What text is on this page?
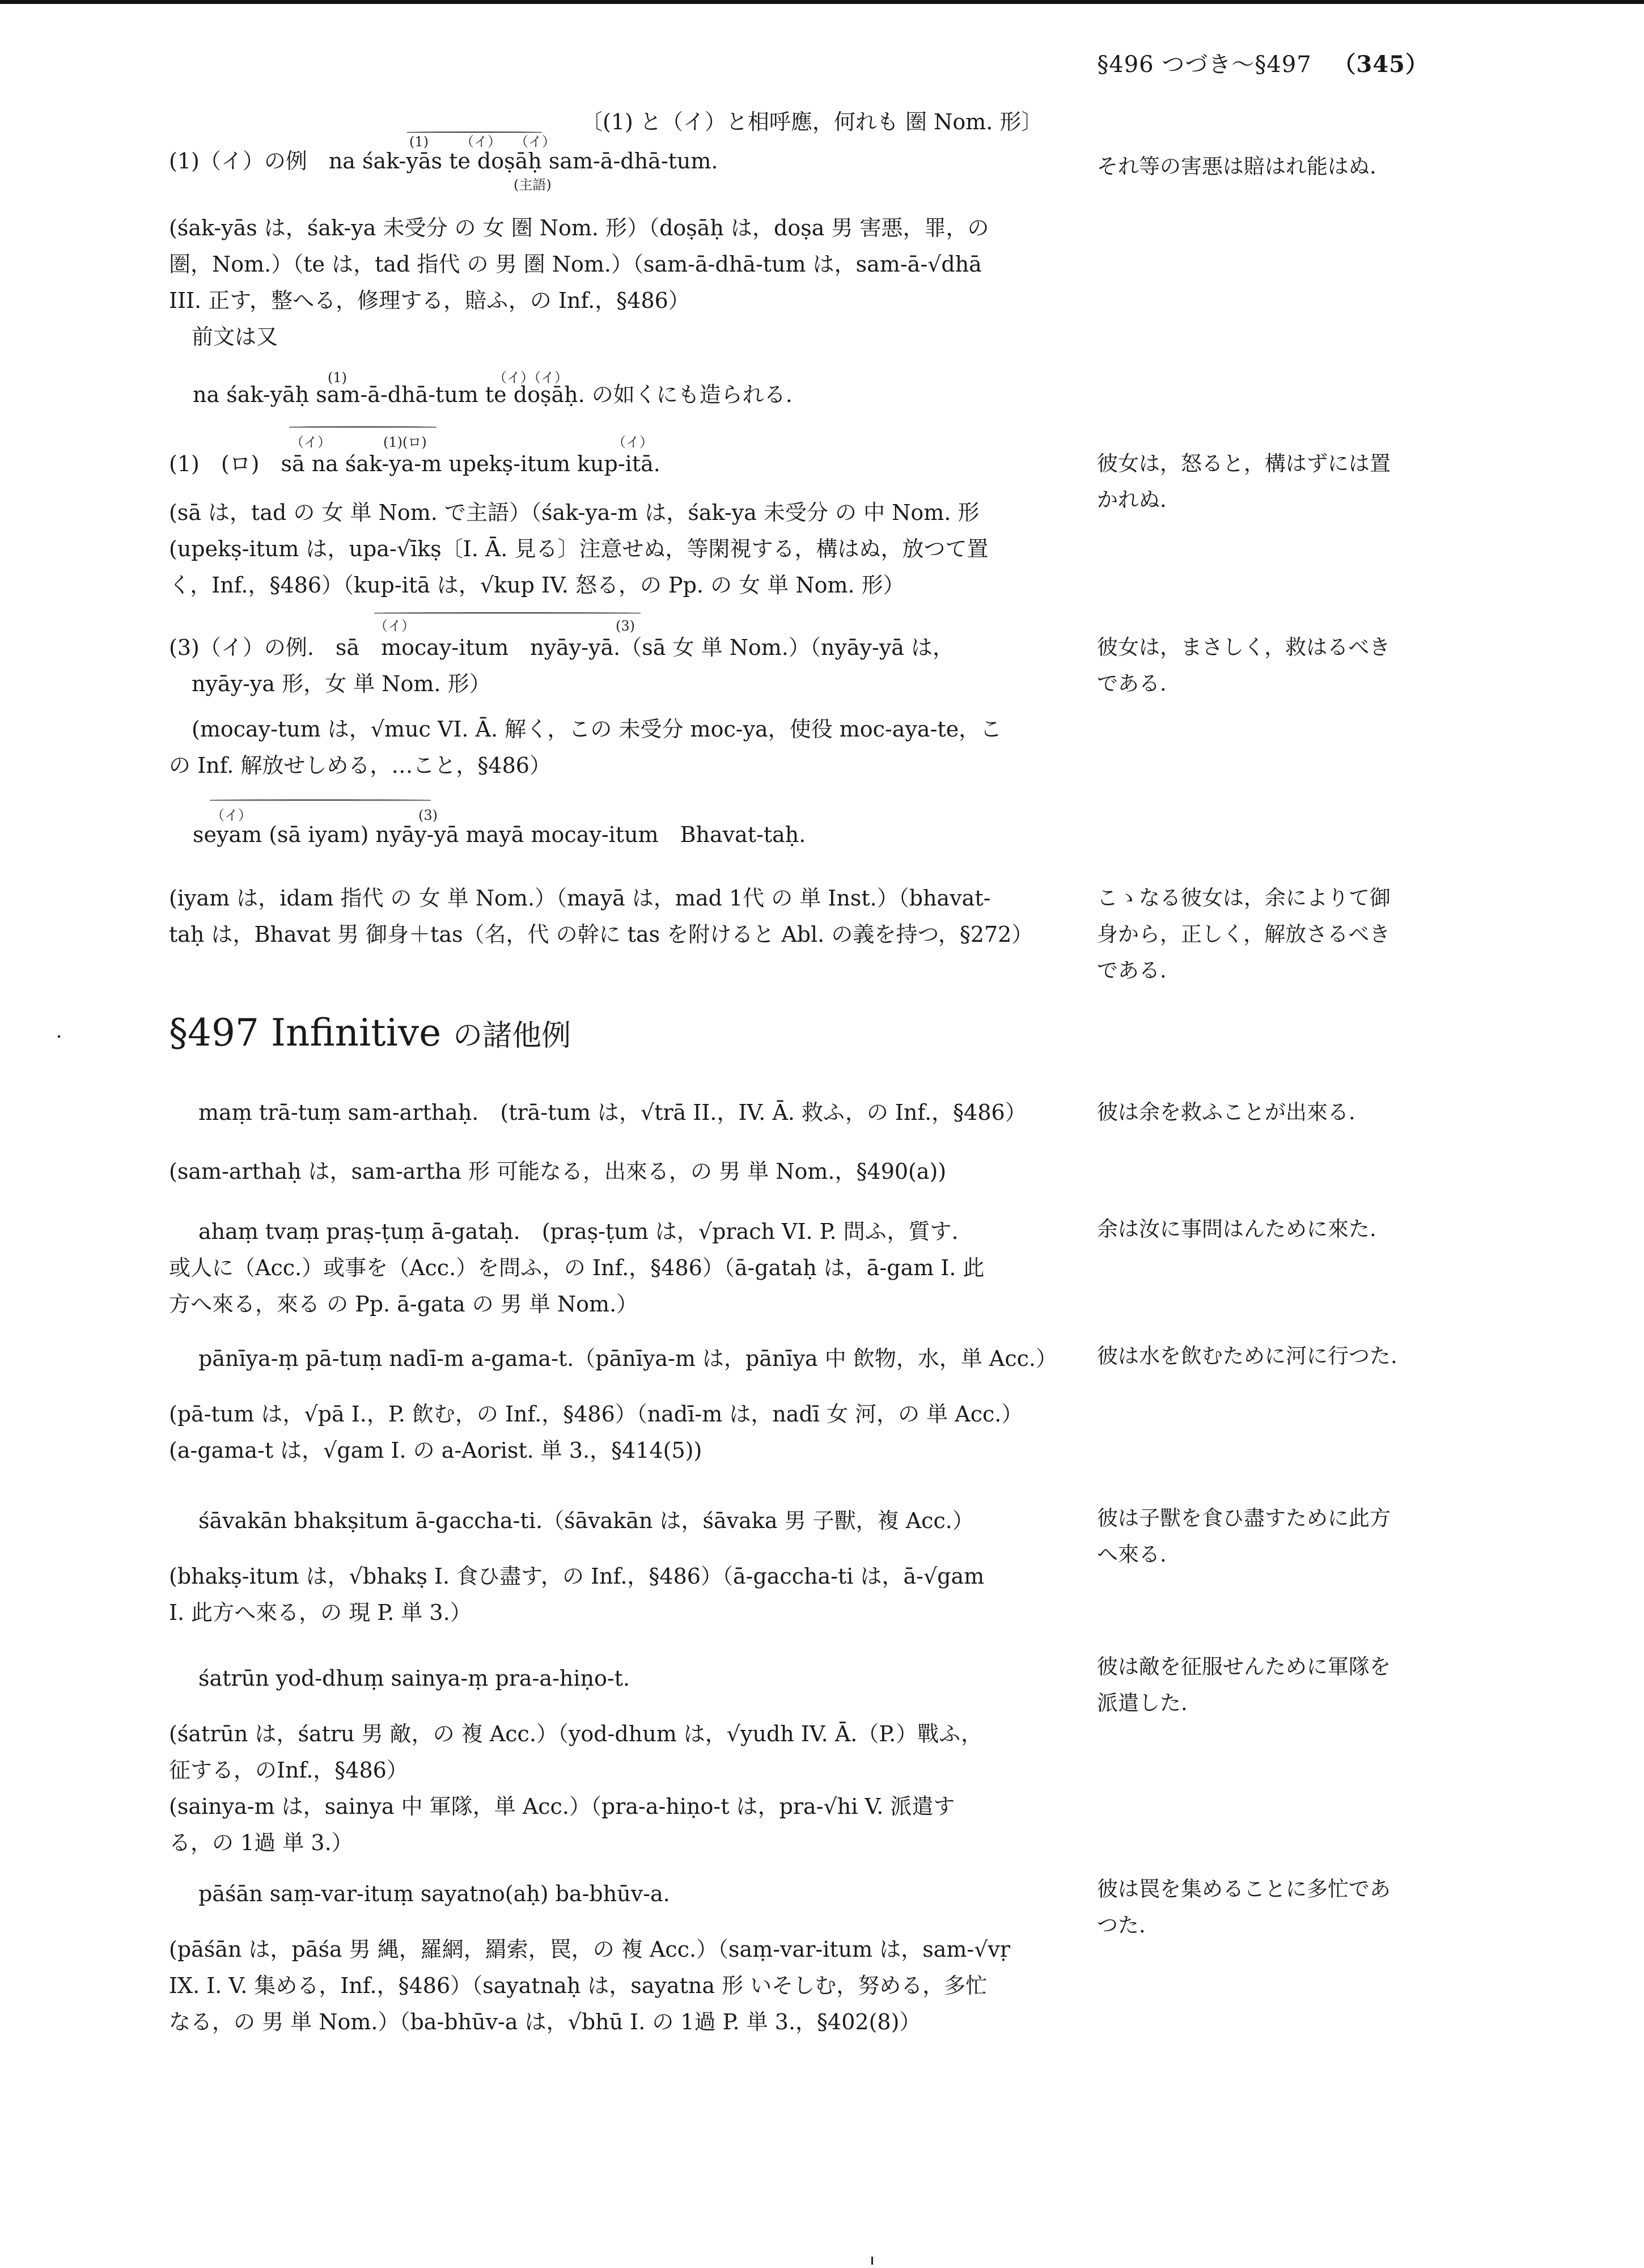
§496 つづき～§497 （345）
〔(1) と（イ）と相呼應，何れも 圏 Nom. 形〕
(1) （イ） （イ）
(主語)
(1)（イ）の例　na śak-yās te doṣāḥ sam-ā-dhā-tum.	それ等の害悪は賠はれ能はぬ.
(śak-yās は，śak-ya 未受分 の 女 圏 Nom. 形）（doṣāḥ は，doṣa 男 害悪，罪，の
圏，Nom.）（te は，tad 指代 の 男 圏 Nom.）（sam-ā-dhā-tum は，sam-ā-√dhā
III. 正す，整へる，修理する，賠ふ，の Inf.，§486）
前文は又
(1)	（イ）（イ）
na śak-yāḥ sam-ā-dhā-tum te doṣāḥ. の如くにも造られる.
（イ）	(1)(ロ)	（イ）
(1)　(ロ)　sā na śak-ya-m upekṣ-itum kup-itā.	彼女は，怒ると，構はずには置
かれぬ.
(sā は，tad の 女 単 Nom. で主語）（śak-ya-m は，śak-ya 未受分 の 中 Nom. 形
(upekṣ-itum は，upa-√īkṣ〔I. Ā. 見る〕注意せぬ，等閑視する，構はぬ，放つて置
く，Inf.，§486）（kup-itā は，√kup IV. 怒る，の Pp. の 女 単 Nom. 形）
（イ）	(3)
(3)（イ）の例.　sā　mocay-itum　nyāy-yā.（sā 女 単 Nom.）（nyāy-yā は，
nyāy-ya 形，女 単 Nom. 形）
彼女は，まさしく，救はるべき
である.
(mocay-tum は，√muc VI. Ā. 解く，この 未受分 moc-ya，使役 moc-aya-te，こ
の Inf. 解放せしめる，…こと，§486）
（イ）	(3)
seyam (sā iyam) nyāy-yā mayā mocay-itum　Bhavat-taḥ.
(iyam は，idam 指代 の 女 単 Nom.）（mayā は，mad 1代 の 単 Inst.）（bhavat-
taḥ は，Bhavat 男 御身＋tas（名，代 の幹に tas を附けると Abl. の義を持つ，§272）
こゝなる彼女は，余によりて御
身から，正しく，解放さるべき
である.
§497 Infinitive の諸他例
maṃ trā-tuṃ sam-arthaḥ.　(trā-tum は，√trā II.，IV. Ā. 救ふ，の Inf.，§486）
(sam-arthaḥ は，sam-artha 形 可能なる，出來る，の 男 単 Nom.，§490(a))
彼は余を救ふことが出來る.
ahaṃ tvaṃ praṣ-ṭuṃ ā-gataḥ.　(praṣ-ṭum は，√prach VI. P. 問ふ，質す.
或人に（Acc.）或事を（Acc.）を問ふ，の Inf.，§486）（ā-gataḥ は，ā-gam I. 此
方へ來る，來る の Pp. ā-gata の 男 単 Nom.）
余は汝に事問はんために來た.
pānīya-ṃ pā-tuṃ nadī-m a-gama-t.（pānīya-m は，pānīya 中 飲物，水，単 Acc.）
(pā-tum は，√pā I.，P. 飲む，の Inf.，§486）（nadī-m は，nadī 女 河，の 単 Acc.）
(a-gama-t は，√gam I. の a-Aorist. 単 3.，§414(5))
彼は水を飲むために河に行つた.
śāvakān bhakṣitum ā-gaccha-ti.（śāvakān は，śāvaka 男 子獸，複 Acc.）
(bhakṣ-itum は，√bhakṣ I. 食ひ盡す，の Inf.，§486）（ā-gaccha-ti は，ā-√gam
I. 此方へ來る，の 現 P. 単 3.）
彼は子獸を食ひ盡すために此方
へ來る.
śatrūn yod-dhuṃ sainya-ṃ pra-a-hiṇo-t.
(śatrūn は，śatru 男 敵，の 複 Acc.）（yod-dhum は，√yudh IV. Ā.（P.）戰ふ，
征する，のInf.，§486）
(sainya-m は，sainya 中 軍隊，単 Acc.）（pra-a-hiṇo-t は，pra-√hi V. 派遣す
る，の 1過 単 3.）
彼は敵を征服せんために軍隊を
派遣した.
pāśān saṃ-var-ituṃ sayatno(aḥ) ba-bhūv-a.
(pāśān は，pāśa 男 縄，羅網，羂索，罠，の 複 Acc.）（saṃ-var-itum は，sam-√vṛ
IX. I. V. 集める，Inf.，§486）（sayatnaḥ は，sayatna 形 いそしむ，努める，多忙
なる，の 男 単 Nom.）（ba-bhūv-a は，√bhū I. の 1過 P. 単 3.，§402(8)）
彼は罠を集めることに多忙であ
つた.
